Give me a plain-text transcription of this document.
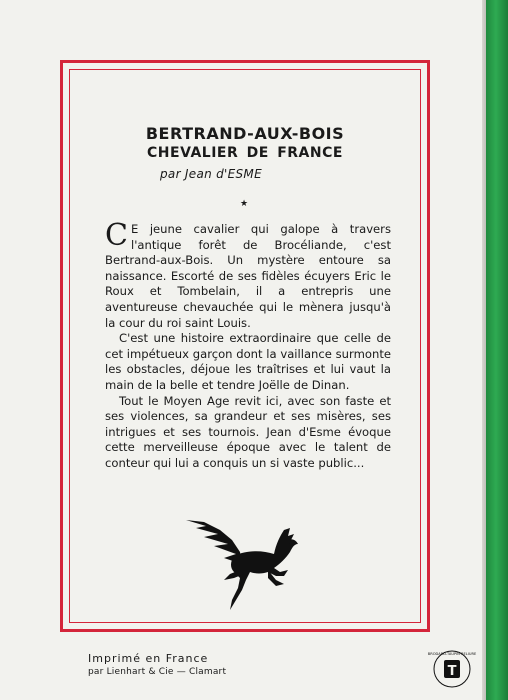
BERTRAND-AUX-BOIS
CHEVALIER DE FRANCE
par Jean d'ESME
★

C E jeune cavalier qui galope à travers l'antique forêt de Brocéliande, c'est Bertrand-aux-Bois. Un mystère entoure sa naissance. Escorté de ses fidèles écuyers Eric le Roux et Tombelain, il a entrepris une aventureuse chevauchée qui le mènera jusqu'à la cour du roi saint Louis.

C'est une histoire extraordinaire que celle de cet impétueux garçon dont la vaillance surmonte les obstacles, déjoue les traîtrises et lui vaut la main de la belle et tendre Joëlle de Dinan.

Tout le Moyen Age revit ici, avec son faste et ses violences, sa grandeur et ses misères, ses intrigues et ses tournois. Jean d'Esme évoque cette merveilleuse époque avec le talent de conteur qui lui a conquis un si vaste public...

Imprimé en France
par Lienhart & Cie — Clamart	T
BRODARD-TAUPIN RELIURE
